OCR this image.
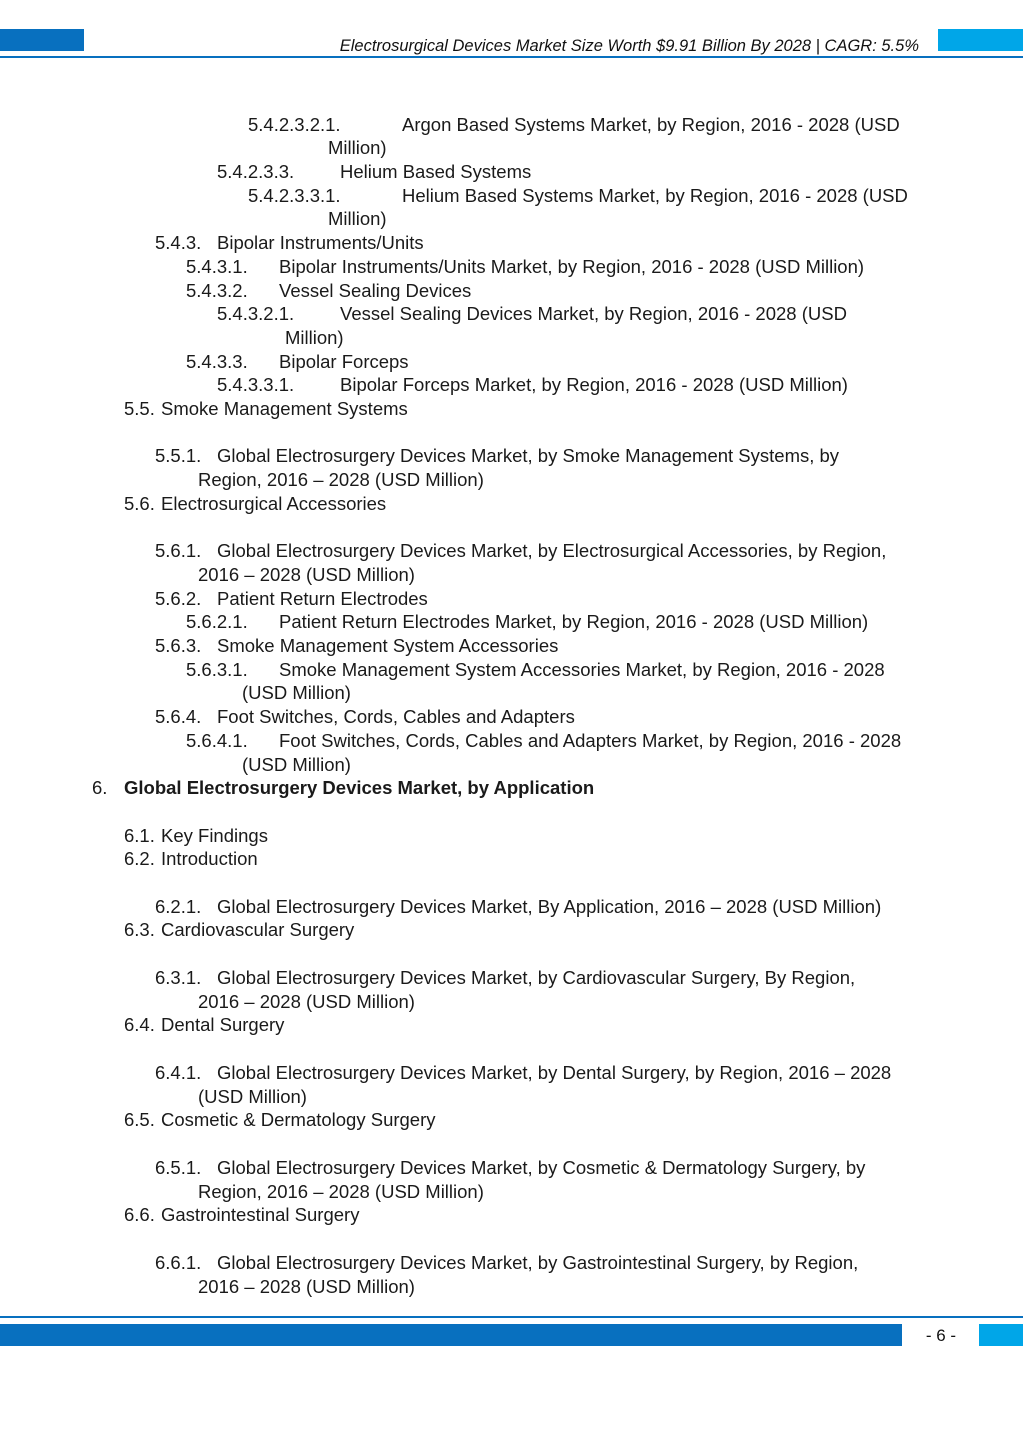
Electrosurgical Devices Market Size Worth $9.91 Billion By 2028 | CAGR: 5.5%
5.4.2.3.2.1.	Argon Based Systems Market, by Region, 2016 - 2028 (USD
Million)
5.4.2.3.3. Helium Based Systems
5.4.2.3.3.1.	Helium Based Systems Market, by Region, 2016 - 2028 (USD
Million)
5.4.3. Bipolar Instruments/Units
5.4.3.1. Bipolar Instruments/Units Market, by Region, 2016 - 2028 (USD Million)
5.4.3.2. Vessel Sealing Devices
5.4.3.2.1. Vessel Sealing Devices Market, by Region, 2016 - 2028 (USD
Million)
5.4.3.3. Bipolar Forceps
5.4.3.3.1. Bipolar Forceps Market, by Region, 2016 - 2028 (USD Million)
5.5. Smoke Management Systems
5.5.1. Global Electrosurgery Devices Market, by Smoke Management Systems, by
Region, 2016 – 2028 (USD Million)
5.6. Electrosurgical Accessories
5.6.1. Global Electrosurgery Devices Market, by Electrosurgical Accessories, by Region,
2016 – 2028 (USD Million)
5.6.2. Patient Return Electrodes
5.6.2.1. Patient Return Electrodes Market, by Region, 2016 - 2028 (USD Million)
5.6.3. Smoke Management System Accessories
5.6.3.1. Smoke Management System Accessories Market, by Region, 2016 - 2028
(USD Million)
5.6.4. Foot Switches, Cords, Cables and Adapters
5.6.4.1. Foot Switches, Cords, Cables and Adapters Market, by Region, 2016 - 2028
(USD Million)
6. Global Electrosurgery Devices Market, by Application
6.1. Key Findings
6.2. Introduction
6.2.1. Global Electrosurgery Devices Market, By Application, 2016 – 2028 (USD Million)
6.3. Cardiovascular Surgery
6.3.1. Global Electrosurgery Devices Market, by Cardiovascular Surgery, By Region,
2016 – 2028 (USD Million)
6.4. Dental Surgery
6.4.1. Global Electrosurgery Devices Market, by Dental Surgery, by Region, 2016 – 2028
(USD Million)
6.5. Cosmetic & Dermatology Surgery
6.5.1. Global Electrosurgery Devices Market, by Cosmetic & Dermatology Surgery, by
Region, 2016 – 2028 (USD Million)
6.6. Gastrointestinal Surgery
6.6.1. Global Electrosurgery Devices Market, by Gastrointestinal Surgery, by Region,
2016 – 2028 (USD Million)
- 6 -
